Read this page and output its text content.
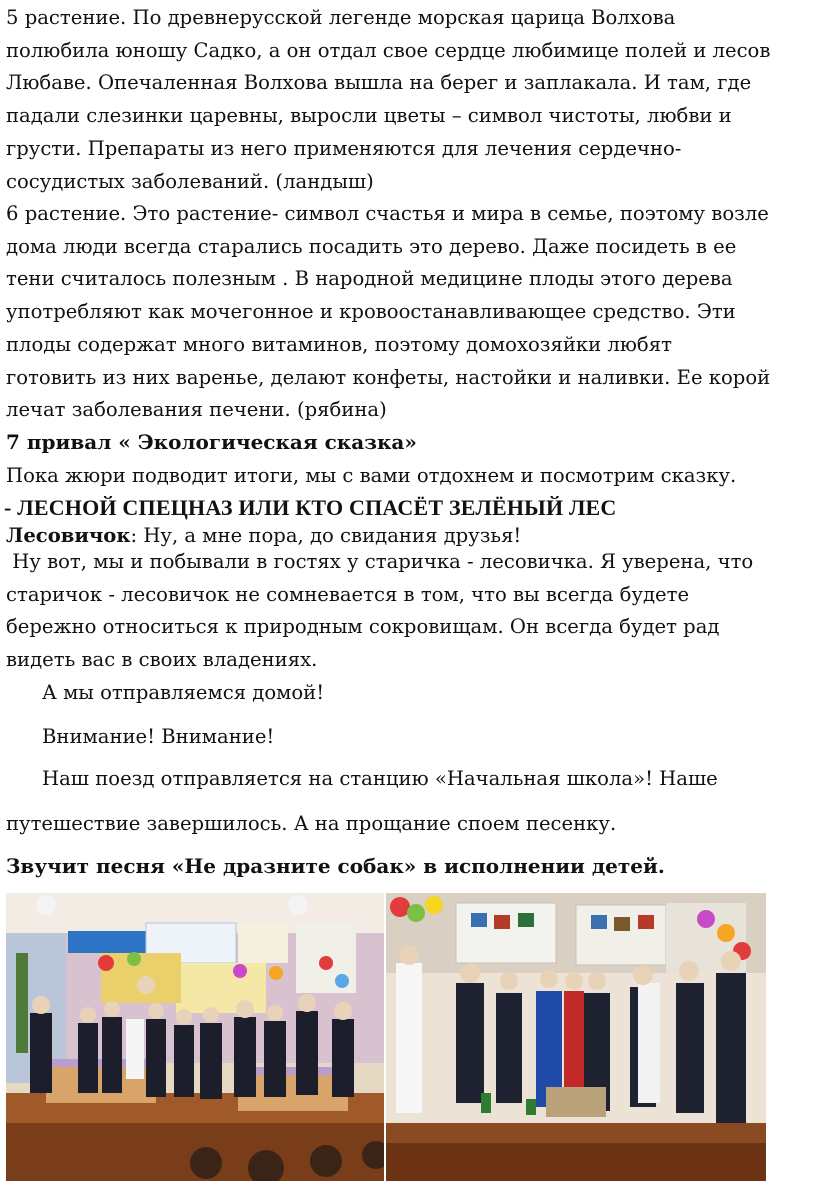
5 растение. По древнерусской легенде морская царица Волхова
полюбила юношу Садко, а он отдал свое сердце любимице полей и лесов
Любаве. Опечаленная Волхова вышла на берег и заплакала. И там, где
падали слезинки царевны, выросли цветы – символ чистоты, любви и
грусти. Препараты из него применяются для лечения сердечно-
сосудистых заболеваний. (ландыш)
6 растение. Это растение- символ счастья и мира в семье, поэтому возле
дома люди всегда старались посадить это дерево. Даже посидеть в ее
тени считалось полезным . В народной медицине плоды этого дерева
употребляют как мочегонное и кровоостанавливающее средство. Эти
плоды содержат много витаминов, поэтому домохозяйки любят
готовить из них варенье, делают конфеты, настойки и наливки. Ее корой
лечат заболевания печени. (рябина)

7 привал « Экологическая сказка»

Пока жюри подводит итоги, мы с вами отдохнем и посмотрим сказку.

- ЛЕСНОЙ СПЕЦНАЗ ИЛИ КТО СПАСЁТ ЗЕЛЁНЫЙ ЛЕС

Лесовичок: Ну, а мне пора, до свидания друзья!

Ну вот, мы и побывали в гостях у старичка - лесовичка. Я уверена, что
старичок - лесовичок не сомневается в том, что вы всегда будете
бережно относиться к природным сокровищам. Он всегда будет рад
видеть вас в своих владениях.

А мы отправляемся домой!

Внимание! Внимание!

Наш поезд отправляется на станцию «Начальная школа»! Наше

путешествие завершилось. А на прощание споем песенку.

Звучит песня «Не дразните собак» в исполнении детей.
